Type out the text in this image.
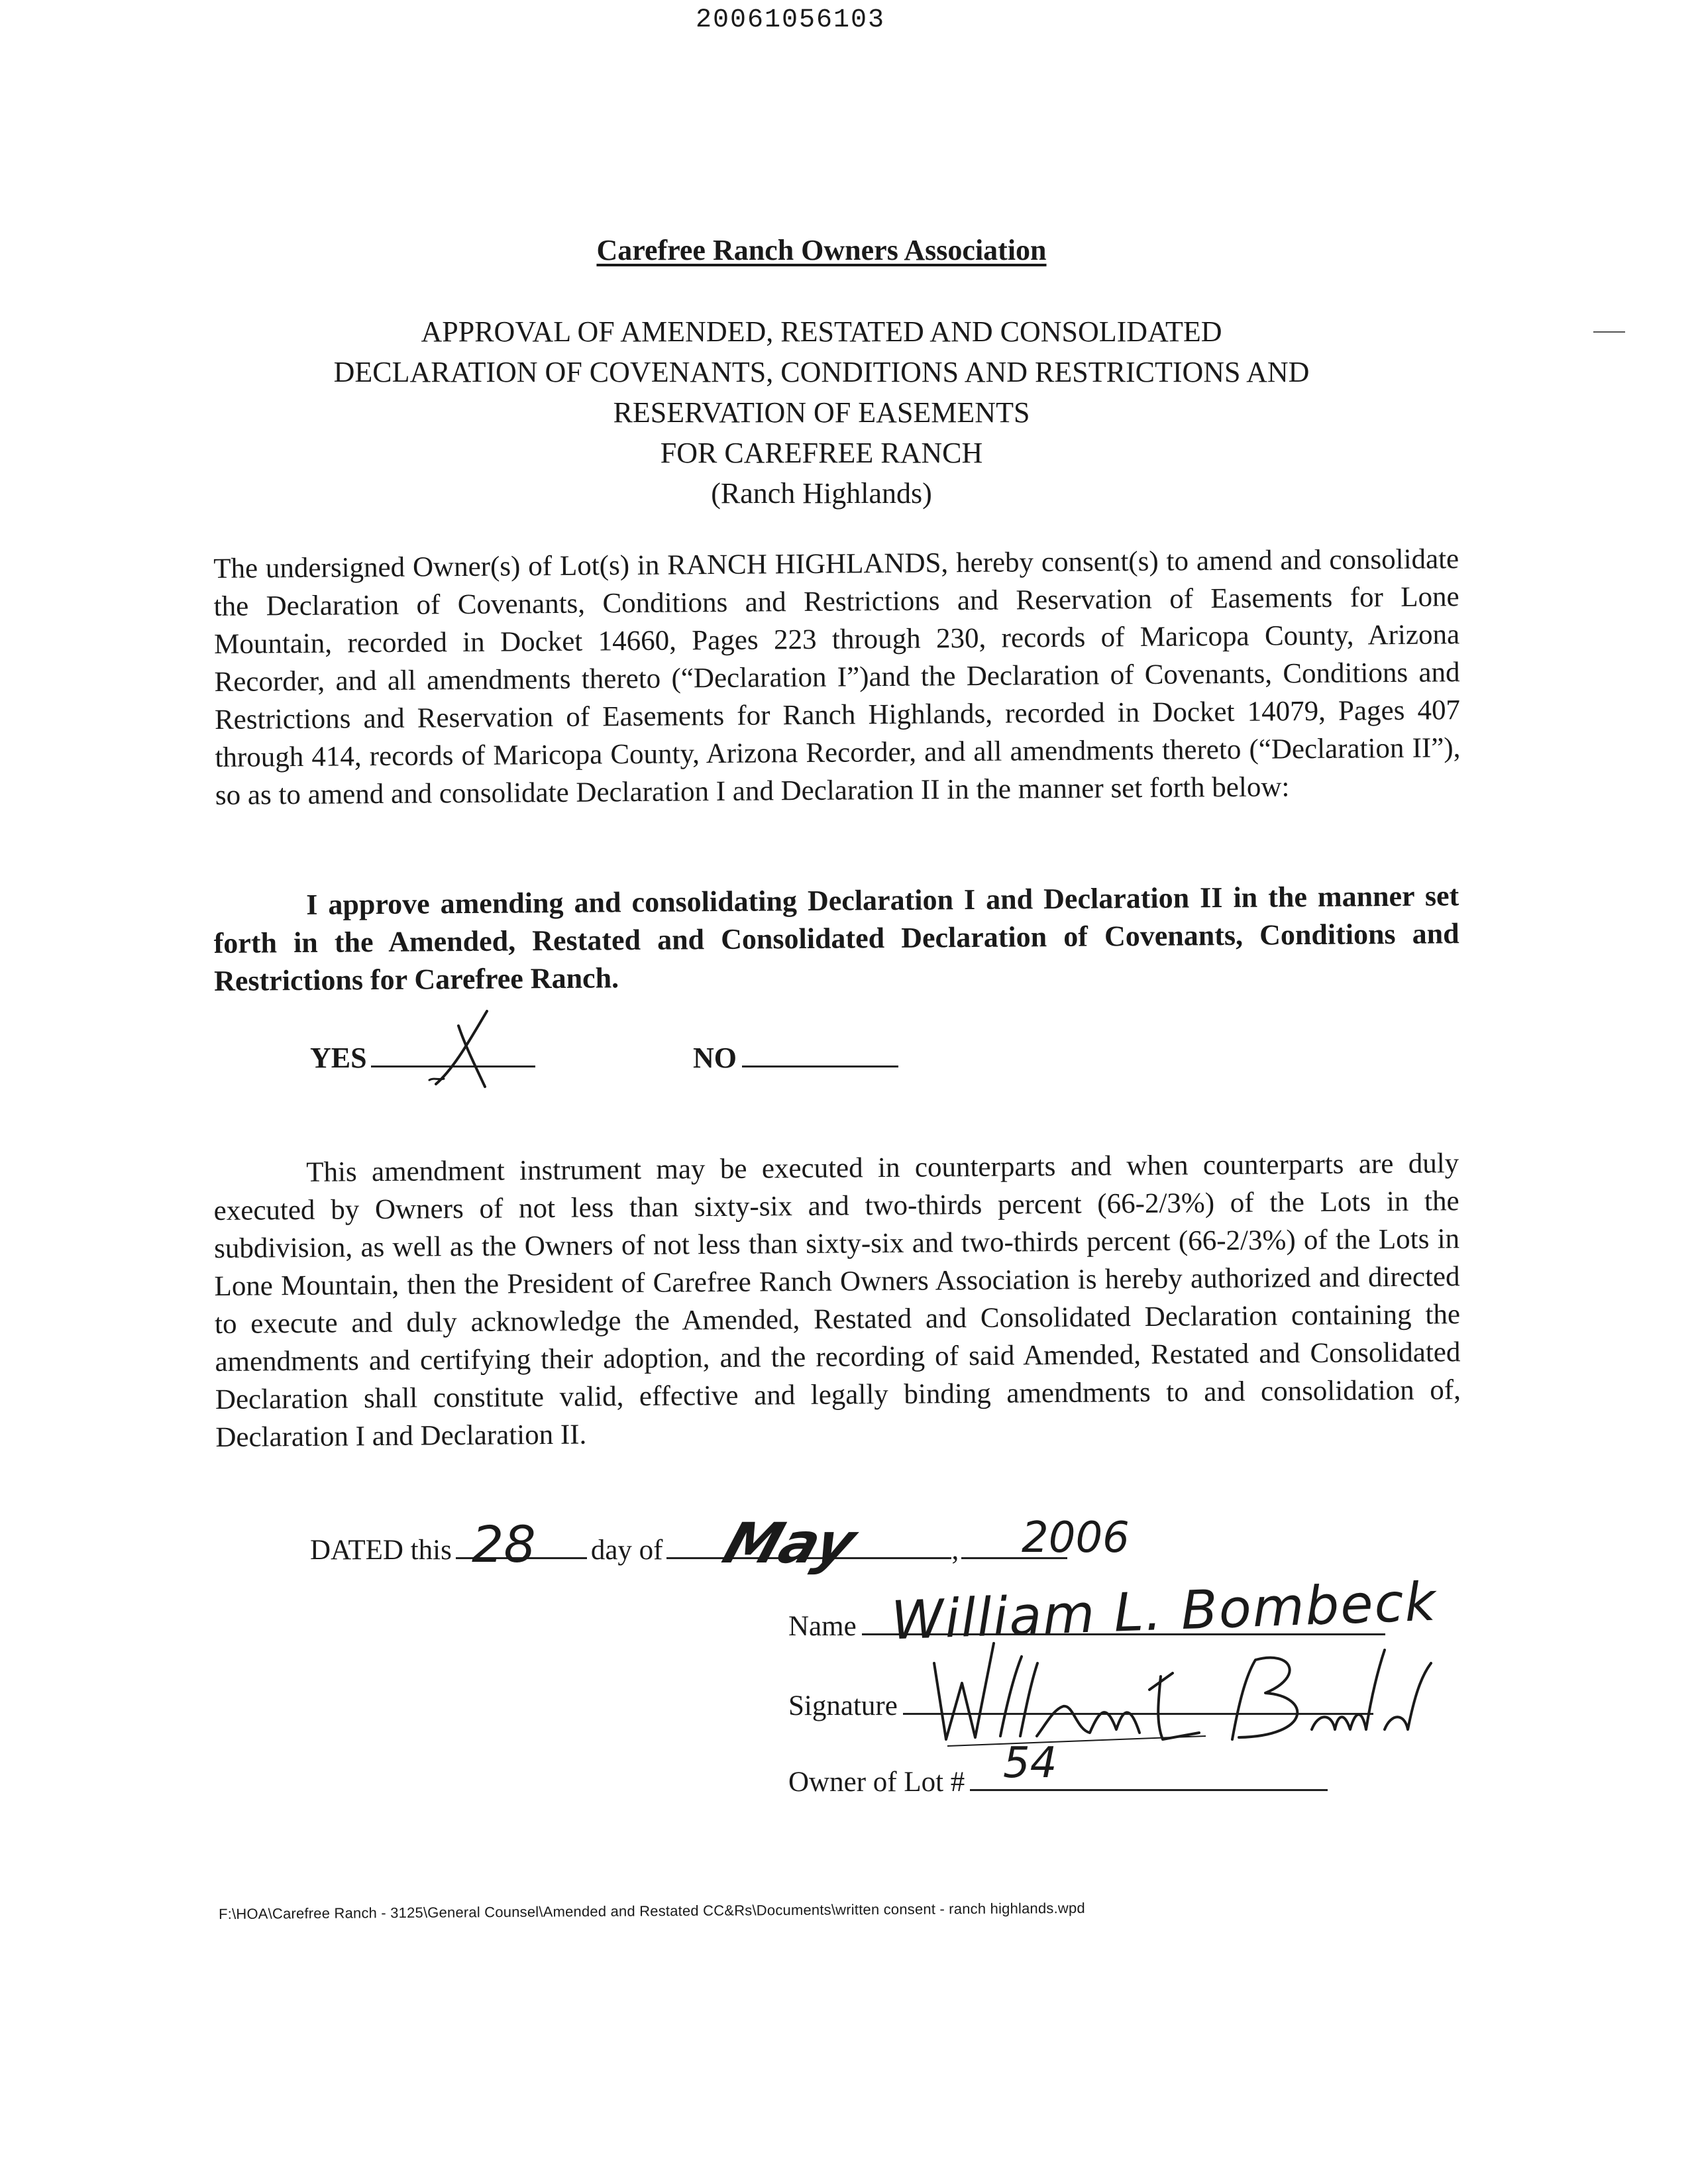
20061056103
Carefree Ranch Owners Association
APPROVAL OF AMENDED, RESTATED AND CONSOLIDATED
DECLARATION OF COVENANTS, CONDITIONS AND RESTRICTIONS AND
RESERVATION OF EASEMENTS
FOR CAREFREE RANCH
(Ranch Highlands)
The undersigned Owner(s) of Lot(s) in RANCH HIGHLANDS, hereby consent(s) to amend and consolidate the Declaration of Covenants, Conditions and Restrictions and Reservation of Easements for Lone Mountain, recorded in Docket 14660, Pages 223 through 230, records of Maricopa County, Arizona Recorder, and all amendments thereto (“Declaration I”)and the Declaration of Covenants, Conditions and Restrictions and Reservation of Easements for Ranch Highlands, recorded in Docket 14079, Pages 407 through 414, records of Maricopa County, Arizona Recorder, and all amendments thereto (“Declaration II”), so as to amend and consolidate Declaration I and Declaration II in the manner set forth below:
I approve amending and consolidating Declaration I and Declaration II in the manner set forth in the Amended, Restated and Consolidated Declaration of Covenants, Conditions and Restrictions for Carefree Ranch.
YES	NO
This amendment instrument may be executed in counterparts and when counterparts are duly executed by Owners of not less than sixty-six and two-thirds percent (66-2/3%) of the Lots in the subdivision, as well as the Owners of not less than sixty-six and two-thirds percent (66-2/3%) of the Lots in Lone Mountain, then the President of Carefree Ranch Owners Association is hereby authorized and directed to execute and duly acknowledge the Amended, Restated and Consolidated Declaration containing the amendments and certifying their adoption, and the recording of said Amended, Restated and Consolidated Declaration shall constitute valid, effective and legally binding amendments to and consolidation of, Declaration I and Declaration II.
DATED this	day of	,
28	May	2006
Name William L. Bombeck
Signature
Owner of Lot # 54
F:\HOA\Carefree Ranch - 3125\General Counsel\Amended and Restated CC&Rs\Documents\written consent - ranch highlands.wpd
